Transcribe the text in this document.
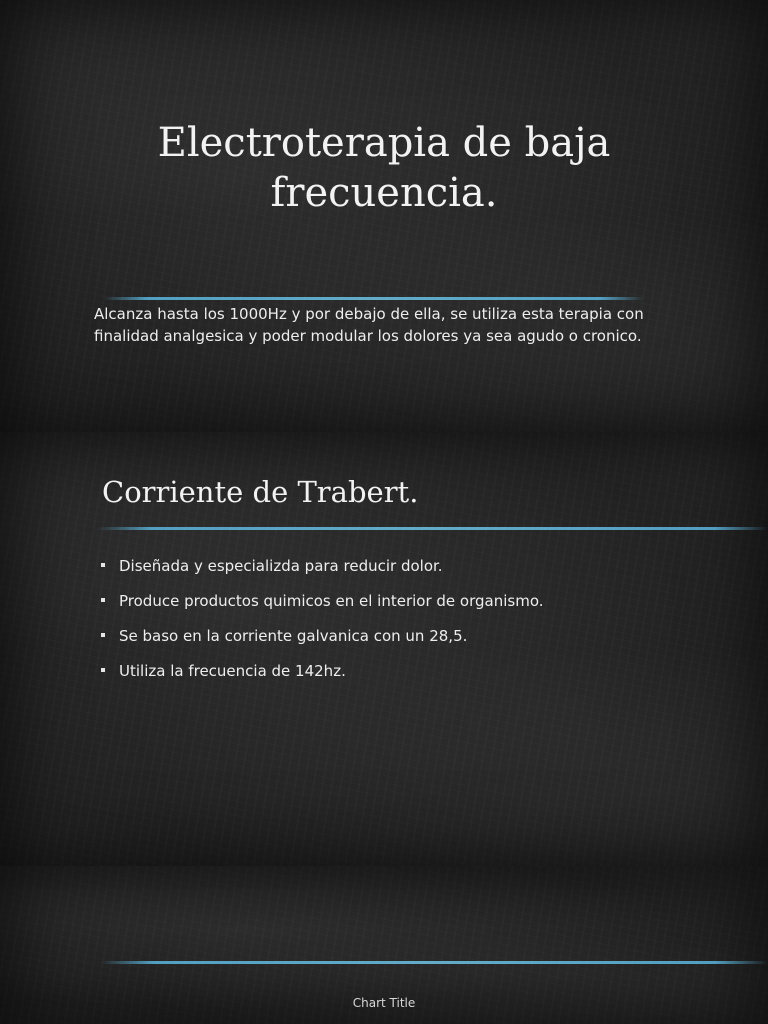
Electroterapia de baja
frecuencia.
Alcanza hasta los 1000Hz y por debajo de ella, se utiliza esta terapia con finalidad analgesica y poder modular los dolores ya sea agudo o cronico.
Corriente de Trabert.
Diseñada y especializda para reducir dolor.
Produce productos quimicos en el interior de organismo.
Se baso en la corriente galvanica con un 28,5.
Utiliza la frecuencia de 142hz.
Chart Title
